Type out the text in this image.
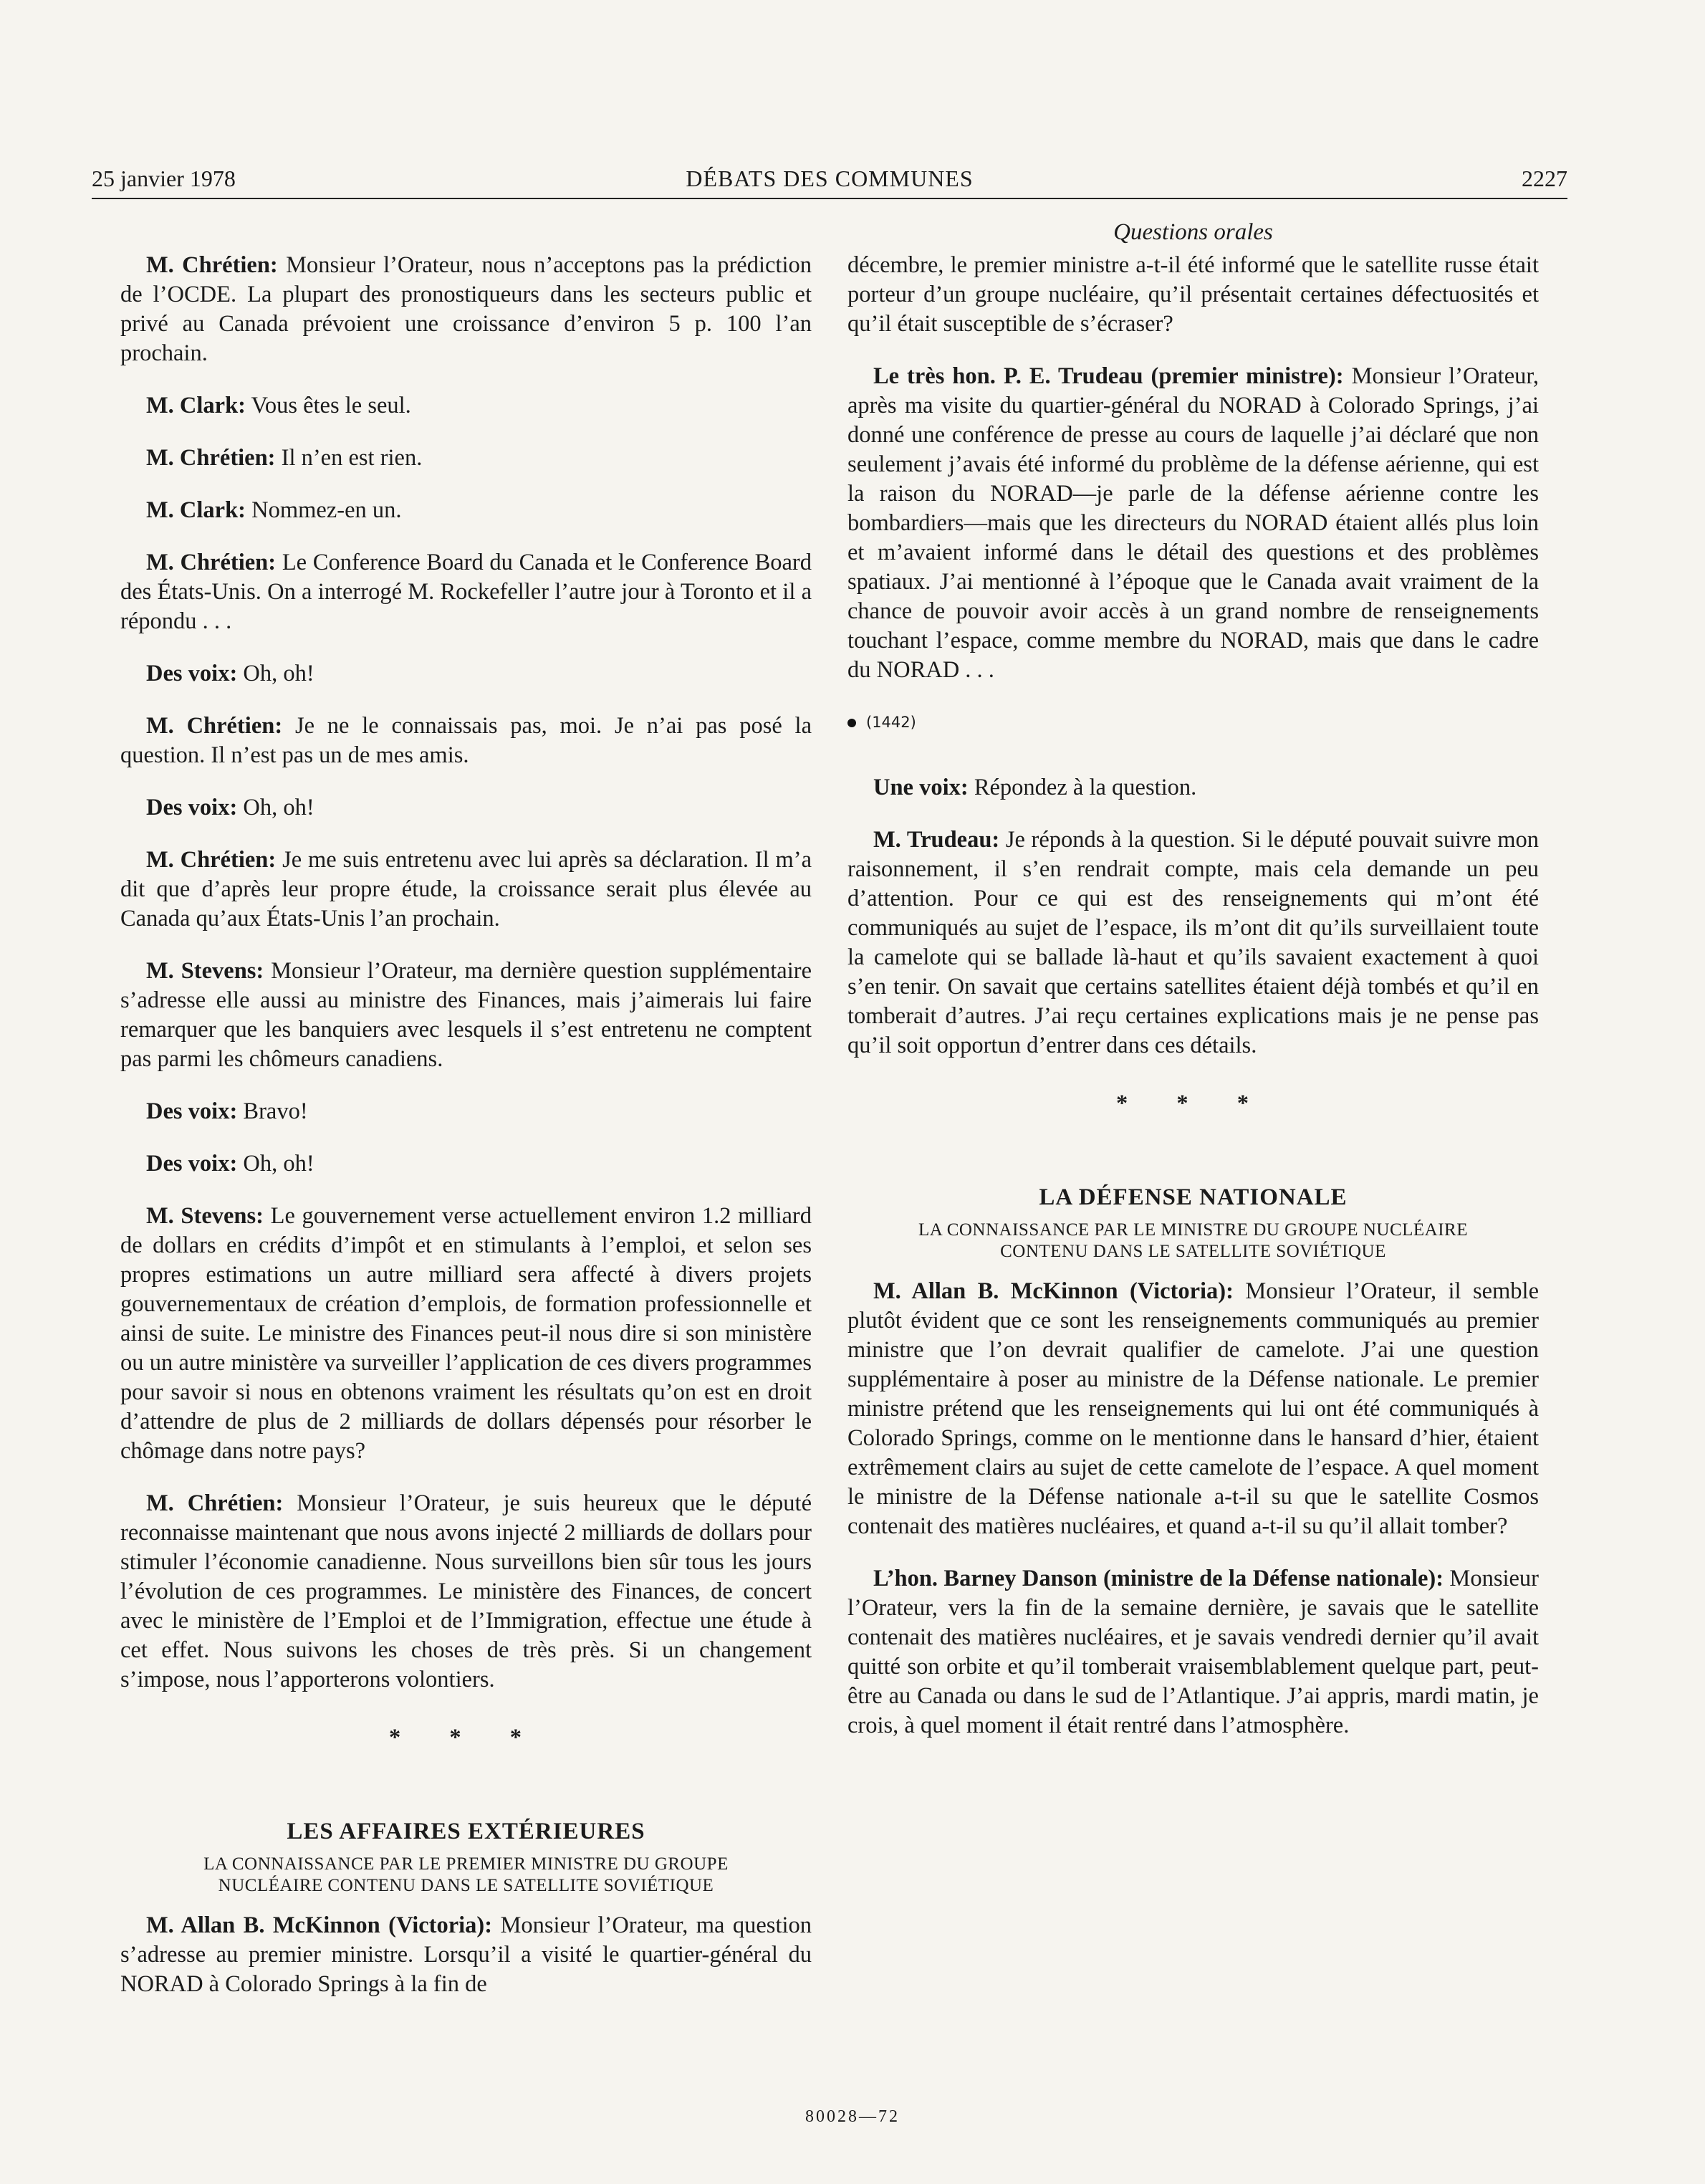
25 janvier 1978	DÉBATS DES COMMUNES	2227
Questions orales

M. Chrétien: Monsieur l’Orateur, nous n’acceptons pas la prédiction de l’OCDE. La plupart des pronostiqueurs dans les secteurs public et privé au Canada prévoient une croissance d’environ 5 p. 100 l’an prochain.

M. Clark: Vous êtes le seul.

M. Chrétien: Il n’en est rien.

M. Clark: Nommez-en un.

M. Chrétien: Le Conference Board du Canada et le Conference Board des États-Unis. On a interrogé M. Rockefeller l’autre jour à Toronto et il a répondu . . .

Des voix: Oh, oh!

M. Chrétien: Je ne le connaissais pas, moi. Je n’ai pas posé la question. Il n’est pas un de mes amis.

Des voix: Oh, oh!

M. Chrétien: Je me suis entretenu avec lui après sa déclaration. Il m’a dit que d’après leur propre étude, la croissance serait plus élevée au Canada qu’aux États-Unis l’an prochain.

M. Stevens: Monsieur l’Orateur, ma dernière question supplémentaire s’adresse elle aussi au ministre des Finances, mais j’aimerais lui faire remarquer que les banquiers avec lesquels il s’est entretenu ne comptent pas parmi les chômeurs canadiens.

Des voix: Bravo!

Des voix: Oh, oh!

M. Stevens: Le gouvernement verse actuellement environ 1.2 milliard de dollars en crédits d’impôt et en stimulants à l’emploi, et selon ses propres estimations un autre milliard sera affecté à divers projets gouvernementaux de création d’emplois, de formation professionnelle et ainsi de suite. Le ministre des Finances peut-il nous dire si son ministère ou un autre ministère va surveiller l’application de ces divers programmes pour savoir si nous en obtenons vraiment les résultats qu’on est en droit d’attendre de plus de 2 milliards de dollars dépensés pour résorber le chômage dans notre pays?

M. Chrétien: Monsieur l’Orateur, je suis heureux que le député reconnaisse maintenant que nous avons injecté 2 milliards de dollars pour stimuler l’économie canadienne. Nous surveillons bien sûr tous les jours l’évolution de ces programmes. Le ministère des Finances, de concert avec le ministère de l’Emploi et de l’Immigration, effectue une étude à cet effet. Nous suivons les choses de très près. Si un changement s’impose, nous l’apporterons volontiers.

* * *
LES AFFAIRES EXTÉRIEURES
LA CONNAISSANCE PAR LE PREMIER MINISTRE DU GROUPE
NUCLÉAIRE CONTENU DANS LE SATELLITE SOVIÉTIQUE

M. Allan B. McKinnon (Victoria): Monsieur l’Orateur, ma question s’adresse au premier ministre. Lorsqu’il a visité le quartier-général du NORAD à Colorado Springs à la fin de

décembre, le premier ministre a-t-il été informé que le satellite russe était porteur d’un groupe nucléaire, qu’il présentait certaines défectuosités et qu’il était susceptible de s’écraser?

Le très hon. P. E. Trudeau (premier ministre): Monsieur l’Orateur, après ma visite du quartier-général du NORAD à Colorado Springs, j’ai donné une conférence de presse au cours de laquelle j’ai déclaré que non seulement j’avais été informé du problème de la défense aérienne, qui est la raison du NORAD—je parle de la défense aérienne contre les bombardiers—mais que les directeurs du NORAD étaient allés plus loin et m’avaient informé dans le détail des questions et des problèmes spatiaux. J’ai mentionné à l’époque que le Canada avait vraiment de la chance de pouvoir avoir accès à un grand nombre de renseignements touchant l’espace, comme membre du NORAD, mais que dans le cadre du NORAD . . .

(1442)

Une voix: Répondez à la question.

M. Trudeau: Je réponds à la question. Si le député pouvait suivre mon raisonnement, il s’en rendrait compte, mais cela demande un peu d’attention. Pour ce qui est des renseignements qui m’ont été communiqués au sujet de l’espace, ils m’ont dit qu’ils surveillaient toute la camelote qui se ballade là-haut et qu’ils savaient exactement à quoi s’en tenir. On savait que certains satellites étaient déjà tombés et qu’il en tomberait d’autres. J’ai reçu certaines explications mais je ne pense pas qu’il soit opportun d’entrer dans ces détails.

* * *
LA DÉFENSE NATIONALE
LA CONNAISSANCE PAR LE MINISTRE DU GROUPE NUCLÉAIRE
CONTENU DANS LE SATELLITE SOVIÉTIQUE

M. Allan B. McKinnon (Victoria): Monsieur l’Orateur, il semble plutôt évident que ce sont les renseignements communiqués au premier ministre que l’on devrait qualifier de camelote. J’ai une question supplémentaire à poser au ministre de la Défense nationale. Le premier ministre prétend que les renseignements qui lui ont été communiqués à Colorado Springs, comme on le mentionne dans le hansard d’hier, étaient extrêmement clairs au sujet de cette camelote de l’espace. A quel moment le ministre de la Défense nationale a-t-il su que le satellite Cosmos contenait des matières nucléaires, et quand a-t-il su qu’il allait tomber?

L’hon. Barney Danson (ministre de la Défense nationale): Monsieur l’Orateur, vers la fin de la semaine dernière, je savais que le satellite contenait des matières nucléaires, et je savais vendredi dernier qu’il avait quitté son orbite et qu’il tomberait vraisemblablement quelque part, peut-être au Canada ou dans le sud de l’Atlantique. J’ai appris, mardi matin, je crois, à quel moment il était rentré dans l’atmosphère.

80028—72
